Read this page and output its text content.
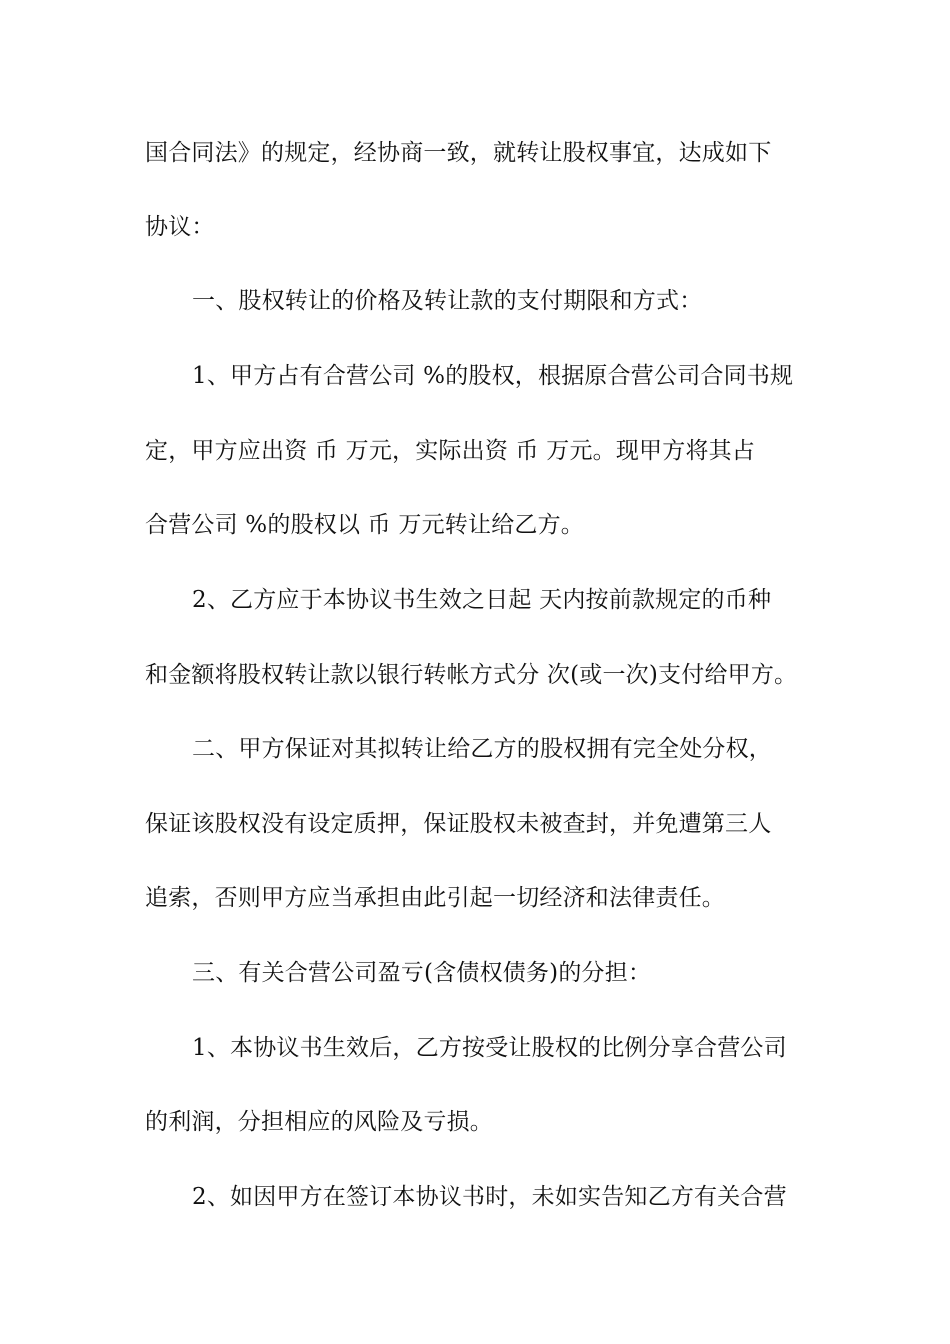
国合同法》的规定，经协商一致，就转让股权事宜，达成如下
协议：
一、股权转让的价格及转让款的支付期限和方式：
1、甲方占有合营公司 %的股权，根据原合营公司合同书规
定，甲方应出资 币 万元，实际出资 币 万元。现甲方将其占
合营公司 %的股权以 币 万元转让给乙方。
2、乙方应于本协议书生效之日起 天内按前款规定的币种
和金额将股权转让款以银行转帐方式分 次(或一次)支付给甲方。
二、甲方保证对其拟转让给乙方的股权拥有完全处分权，
保证该股权没有设定质押，保证股权未被查封，并免遭第三人
追索，否则甲方应当承担由此引起一切经济和法律责任。
三、有关合营公司盈亏(含债权债务)的分担：
1、本协议书生效后，乙方按受让股权的比例分享合营公司
的利润，分担相应的风险及亏损。
2、如因甲方在签订本协议书时，未如实告知乙方有关合营
